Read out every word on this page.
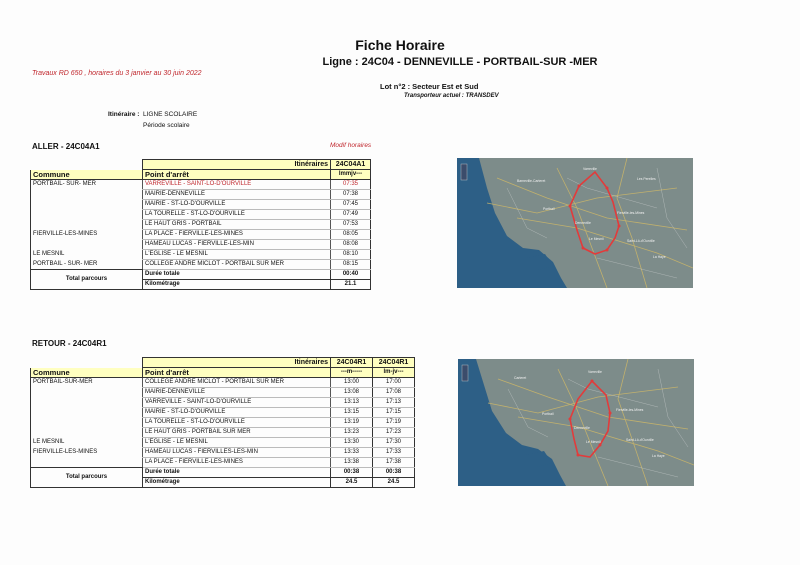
Fiche Horaire
Ligne : 24C04 - DENNEVILLE - PORTBAIL-SUR -MER
Travaux RD 650 , horaires du 3 janvier au 30 juin 2022
Lot n°2 : Secteur Est et Sud
Transporteur actuel : TRANSDEV
Itinéraire : LIGNE SCOLAIRE
Période scolaire
ALLER - 24C04A1	Modif horaires
	Itinéraires	24C04A1
Commune	Point d'arrêt	lmmjv---
PORTBAIL- SUR- MER	VARREVILLE - SAINT-LO-D'OURVILLE	07:35
	MAIRIE-DENNEVILLE	07:38
	MAIRIE - ST-LO-D'OURVILLE	07:45
	LA TOURELLE - ST-LO-D'OURVILLE	07:49
	LE HAUT GRIS - PORTBAIL	07:53
FIERVILLE-LES-MINES	LA PLACE - FIERVILLE-LES-MINES	08:05
	HAMEAU LUCAS - FIERVILLE-LES-MIN	08:08
LE MESNIL	L'EGLISE - LE MESNIL	08:10
PORTBAIL - SUR- MER	COLLEGE ANDRE MICLOT - PORTBAIL SUR MER	08:15
Total parcours	Durée totale	00:40
	Kilométrage	21.1
RETOUR - 24C04R1
	Itinéraires	24C04R1	24C04R1
Commune	Point d'arrêt	---m-----	lm-jv---
PORTBAIL-SUR-MER	COLLEGE ANDRE MICLOT - PORTBAIL SUR MER	13:00	17:00
	MAIRIE-DENNEVILLE	13:08	17:08
	VARREVILLE - SAINT-LO-D'OURVILLE	13:13	17:13
	MAIRIE - ST-LO-D'OURVILLE	13:15	17:15
	LA TOURELLE - ST-LO-D'OURVILLE	13:19	17:19
	LE HAUT GRIS - PORTBAIL SUR MER	13:23	17:23
LE MESNIL	L'EGLISE - LE MESNIL	13:30	17:30
FIERVILLE-LES-MINES	HAMEAU LUCAS - FIERVILLES-LES-MIN	13:33	17:33
	LA PLACE - FIERVILLE-LES-MINES	13:38	17:38
Total parcours	Durée totale	00:38	00:38
	Kilométrage	24.5	24.5
Barneville-Carteret
Portbail
Denneville
Fierville-les-Mines
Le Mesnil	Saint-Lô-d'Ourville
La Haye
Les Perelles
Varreville
Portbail
Denneville
Le Mesnil
Fierville-les-Mines
Saint-Lô-d'Ourville
La Haye
Carteret
Varreville
